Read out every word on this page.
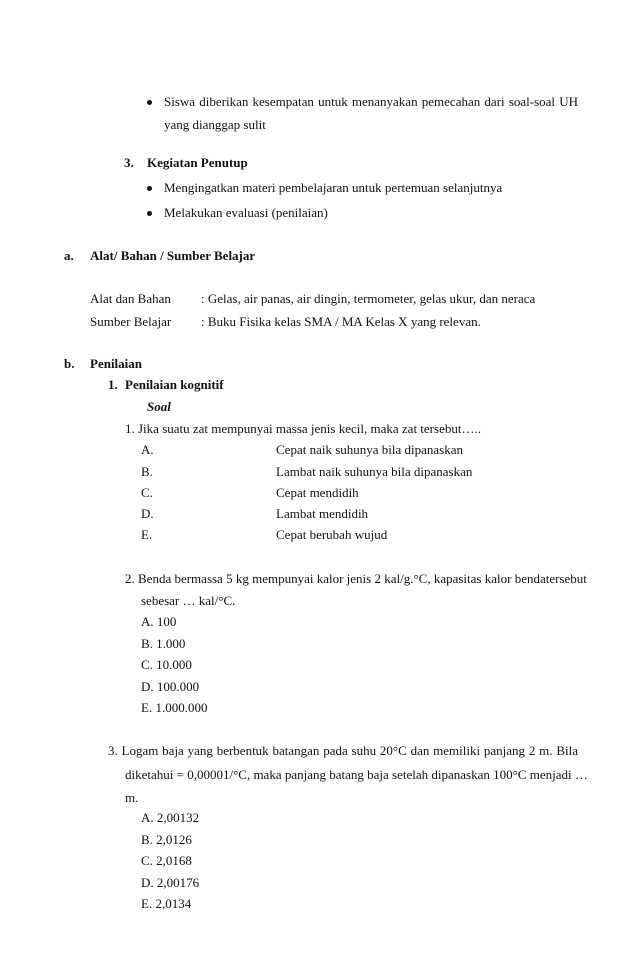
Siswa diberikan kesempatan untuk menanyakan pemecahan dari soal-soal UH
yang dianggap sulit
3. Kegiatan Penutup
Mengingatkan materi pembelajaran untuk pertemuan selanjutnya
Melakukan evaluasi (penilaian)
a. Alat/ Bahan / Sumber Belajar
Alat dan Bahan : Gelas, air panas, air dingin, termometer, gelas ukur, dan neraca
Sumber Belajar : Buku Fisika kelas SMA / MA Kelas X yang relevan.
b. Penilaian
1. Penilaian kognitif
Soal
1. Jika suatu zat mempunyai massa jenis kecil, maka zat tersebut…..
A.	Cepat naik suhunya bila dipanaskan
B.	Lambat naik suhunya bila dipanaskan
C.	Cepat mendidih
D.	Lambat mendidih
E.	Cepat berubah wujud
2. Benda bermassa 5 kg mempunyai kalor jenis 2 kal/g.°C, kapasitas kalor bendatersebut
sebesar … kal/°C.
A. 100
B. 1.000
C. 10.000
D. 100.000
E. 1.000.000
3. Logam baja yang berbentuk batangan pada suhu 20°C dan memiliki panjang 2 m. Bila
diketahui = 0,00001/°C, maka panjang batang baja setelah dipanaskan 100°C menjadi …
m.
A. 2,00132
B. 2,0126
C. 2,0168
D. 2,00176
E. 2,0134
